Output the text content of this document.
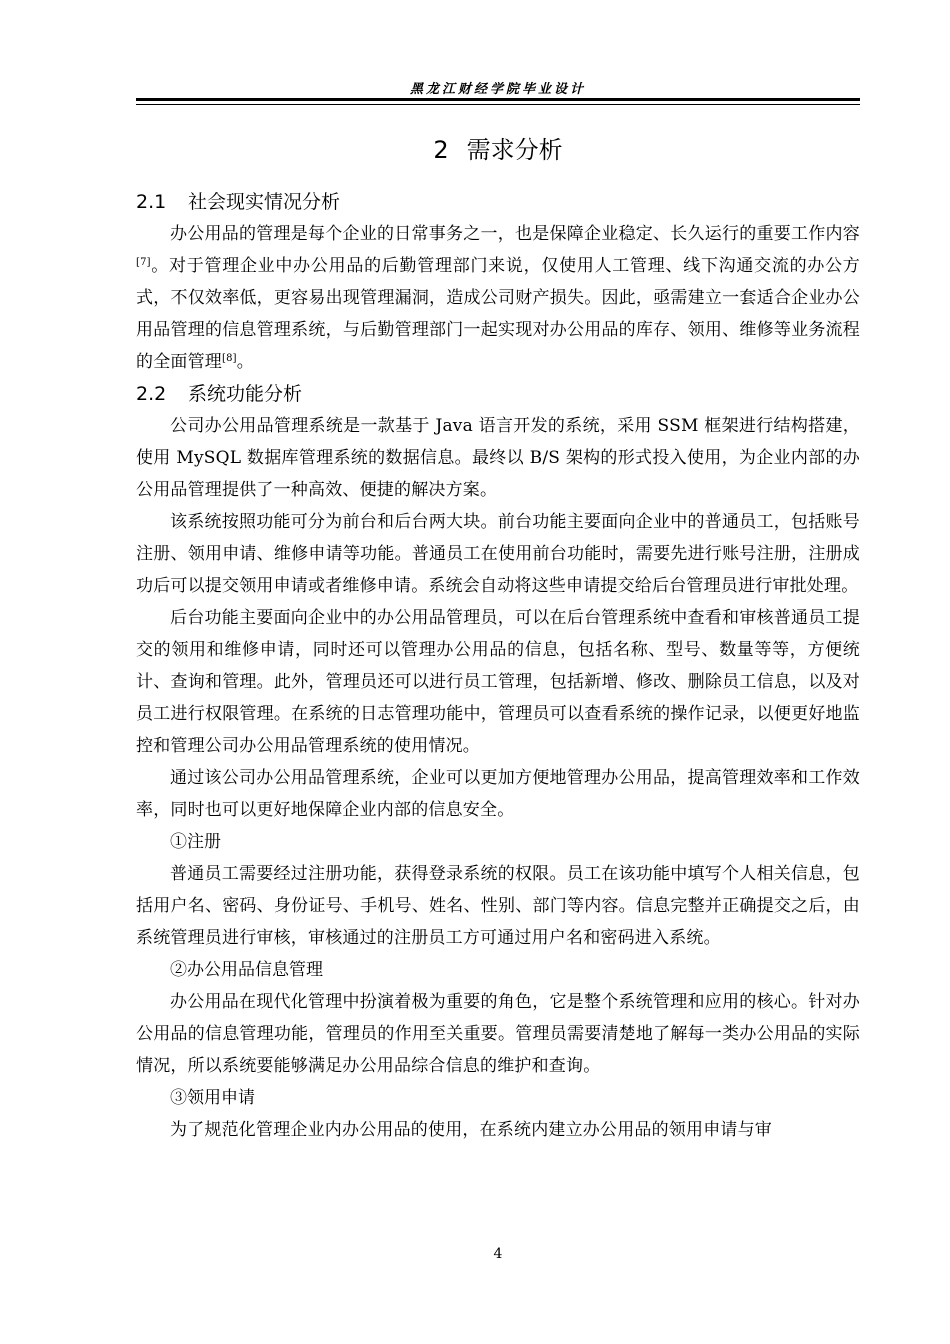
黑龙江财经学院毕业设计
2 需求分析
2.1 社会现实情况分析
办公用品的管理是每个企业的日常事务之一，也是保障企业稳定、长久运行的重要工作内容[7]。对于管理企业中办公用品的后勤管理部门来说，仅使用人工管理、线下沟通交流的办公方式，不仅效率低，更容易出现管理漏洞，造成公司财产损失。因此，亟需建立一套适合企业办公用品管理的信息管理系统，与后勤管理部门一起实现对办公用品的库存、领用、维修等业务流程的全面管理[8]。
2.2 系统功能分析
公司办公用品管理系统是一款基于 Java 语言开发的系统，采用 SSM 框架进行结构搭建，使用 MySQL 数据库管理系统的数据信息。最终以 B/S 架构的形式投入使用，为企业内部的办公用品管理提供了一种高效、便捷的解决方案。
该系统按照功能可分为前台和后台两大块。前台功能主要面向企业中的普通员工，包括账号注册、领用申请、维修申请等功能。普通员工在使用前台功能时，需要先进行账号注册，注册成功后可以提交领用申请或者维修申请。系统会自动将这些申请提交给后台管理员进行审批处理。
后台功能主要面向企业中的办公用品管理员，可以在后台管理系统中查看和审核普通员工提交的领用和维修申请，同时还可以管理办公用品的信息，包括名称、型号、数量等等，方便统计、查询和管理。此外，管理员还可以进行员工管理，包括新增、修改、删除员工信息，以及对员工进行权限管理。在系统的日志管理功能中，管理员可以查看系统的操作记录，以便更好地监控和管理公司办公用品管理系统的使用情况。
通过该公司办公用品管理系统，企业可以更加方便地管理办公用品，提高管理效率和工作效率，同时也可以更好地保障企业内部的信息安全。
①注册
普通员工需要经过注册功能，获得登录系统的权限。员工在该功能中填写个人相关信息，包括用户名、密码、身份证号、手机号、姓名、性别、部门等内容。信息完整并正确提交之后，由系统管理员进行审核，审核通过的注册员工方可通过用户名和密码进入系统。
②办公用品信息管理
办公用品在现代化管理中扮演着极为重要的角色，它是整个系统管理和应用的核心。针对办公用品的信息管理功能，管理员的作用至关重要。管理员需要清楚地了解每一类办公用品的实际情况，所以系统要能够满足办公用品综合信息的维护和查询。
③领用申请
为了规范化管理企业内办公用品的使用，在系统内建立办公用品的领用申请与审
4
